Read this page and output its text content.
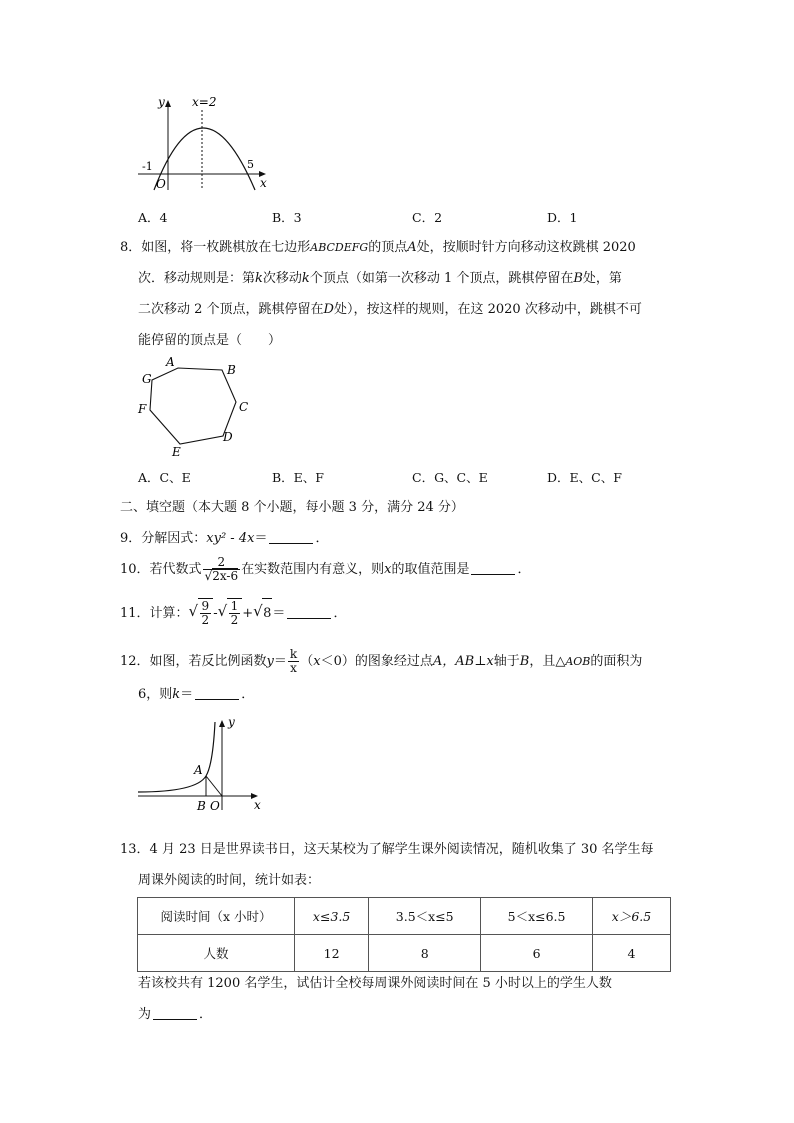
y x=2
-1	5
O	x
A．4	B．3	C．2	D．1
8．如图，将一枚跳棋放在七边形ABCDEFG的顶点A处，按顺时针方向移动这枚跳棋 2020
次．移动规则是：第k次移动k个顶点（如第一次移动 1 个顶点，跳棋停留在B处，第
二次移动 2 个顶点，跳棋停留在D处），按这样的规则，在这 2020 次移动中，跳棋不可
能停留的顶点是（　　）
A
B
C
D
E
F
G
A．C、E	B．E、F	C．G、C、E	D．E、C、F
二、填空题（本大题 8 个小题，每小题 3 分，满分 24 分）
9．分解因式：xy² - 4x＝	．
10．若代数式 $\frac{2}{√2x-6}$ 在实数范围内有意义，则x的取值范围是	．
11．计算： √ $\frac{9}{2}$ - √ $\frac{1}{2}$ + √ 8＝	．
12．如图，若反比例函数$y= \frac{k}{x} (x<0)$的图象经过点A，AB⊥x轴于B，且△AOB的面积为
6，则k＝	．
y
A
B O	x
13．4 月 23 日是世界读书日，这天某校为了解学生课外阅读情况，随机收集了 30 名学生每
周课外阅读的时间，统计如表：
阅读时间（x 小时）	x≤3.5	3.5＜x≤5	5＜x≤6.5	x＞6.5
人数	12	8	6	4
若该校共有 1200 名学生，试估计全校每周课外阅读时间在 5 小时以上的学生人数
为	．
